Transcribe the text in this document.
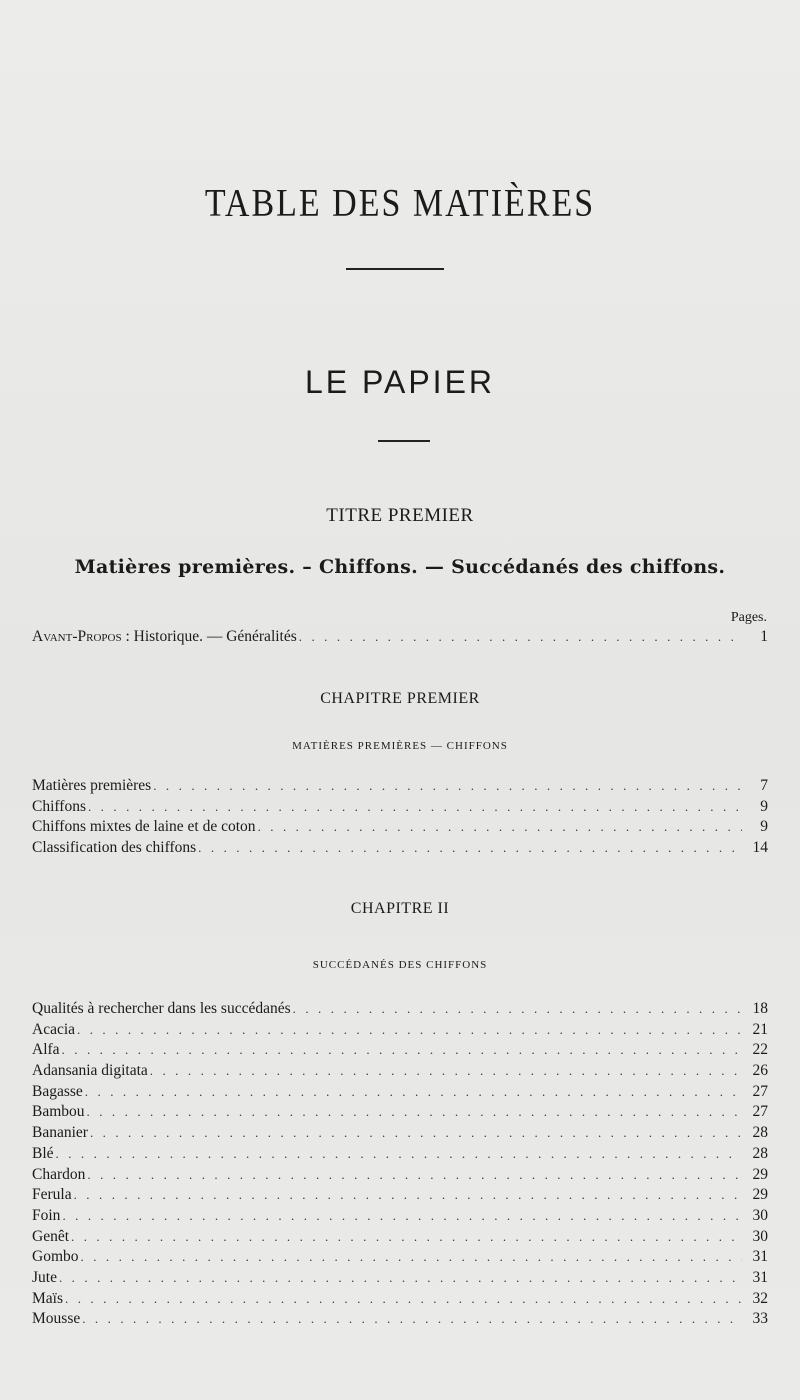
TABLE DES MATIÈRES
LE PAPIER
TITRE PREMIER
Matières premières. – Chiffons. — Succédanés des chiffons.
Pages.
Avant-Propos : Historique. — Généralités . . .	1
CHAPITRE PREMIER
MATIÈRES PREMIÈRES — CHIFFONS
Matières premières . . .	7
Chiffons . . .	9
Chiffons mixtes de laine et de coton . . .	9
Classification des chiffons . . .	14
CHAPITRE II
SUCCÉDANÉS DES CHIFFONS
Qualités à rechercher dans les succédanés . . .	18
Acacia . . .	21
Alfa . . .	22
Adansania digitata . . .	26
Bagasse . . .	27
Bambou . . .	27
Bananier . . .	28
Blé . . .	28
Chardon . . .	29
Ferula . . .	29
Foin . . .	30
Genêt . . .	30
Gombo . . .	31
Jute . . .	31
Maïs . . .	32
Mousse . . .	33
